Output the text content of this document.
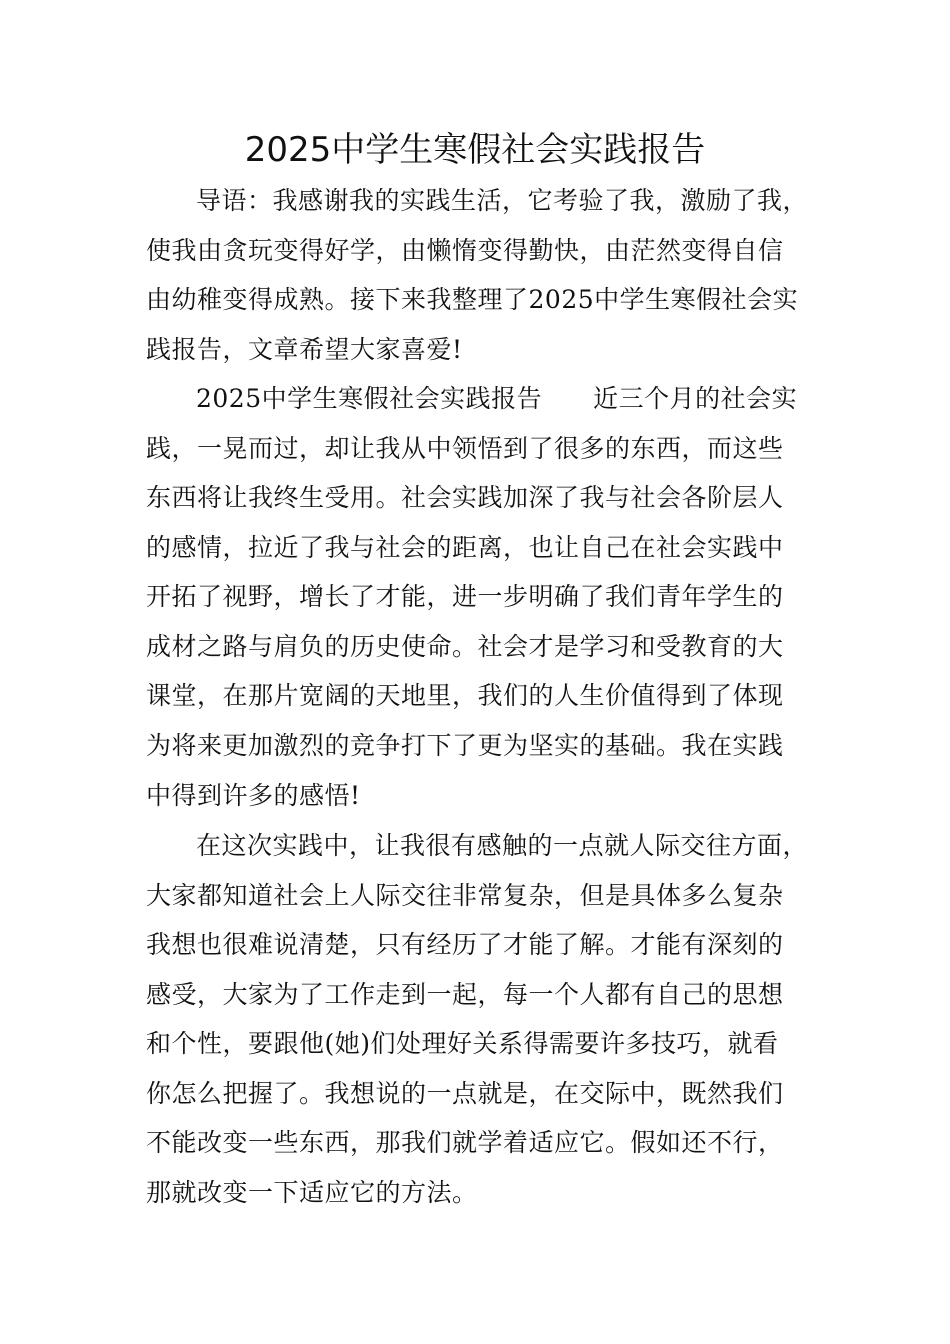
2025中学生寒假社会实践报告

导语：我感谢我的实践生活，它考验了我，激励了我，

使我由贪玩变得好学，由懒惰变得勤快，由茫然变得自信

由幼稚变得成熟。接下来我整理了2025中学生寒假社会实

践报告，文章希望大家喜爱!

2025中学生寒假社会实践报告　　近三个月的社会实

践，一晃而过，却让我从中领悟到了很多的东西，而这些

东西将让我终生受用。社会实践加深了我与社会各阶层人

的感情，拉近了我与社会的距离，也让自己在社会实践中

开拓了视野，增长了才能，进一步明确了我们青年学生的

成材之路与肩负的历史使命。社会才是学习和受教育的大

课堂，在那片宽阔的天地里，我们的人生价值得到了体现

为将来更加激烈的竞争打下了更为坚实的基础。我在实践

中得到许多的感悟!

在这次实践中，让我很有感触的一点就人际交往方面，

大家都知道社会上人际交往非常复杂，但是具体多么复杂

我想也很难说清楚，只有经历了才能了解。才能有深刻的

感受，大家为了工作走到一起，每一个人都有自己的思想

和个性，要跟他(她)们处理好关系得需要许多技巧，就看

你怎么把握了。我想说的一点就是，在交际中，既然我们

不能改变一些东西，那我们就学着适应它。假如还不行，

那就改变一下适应它的方法。
